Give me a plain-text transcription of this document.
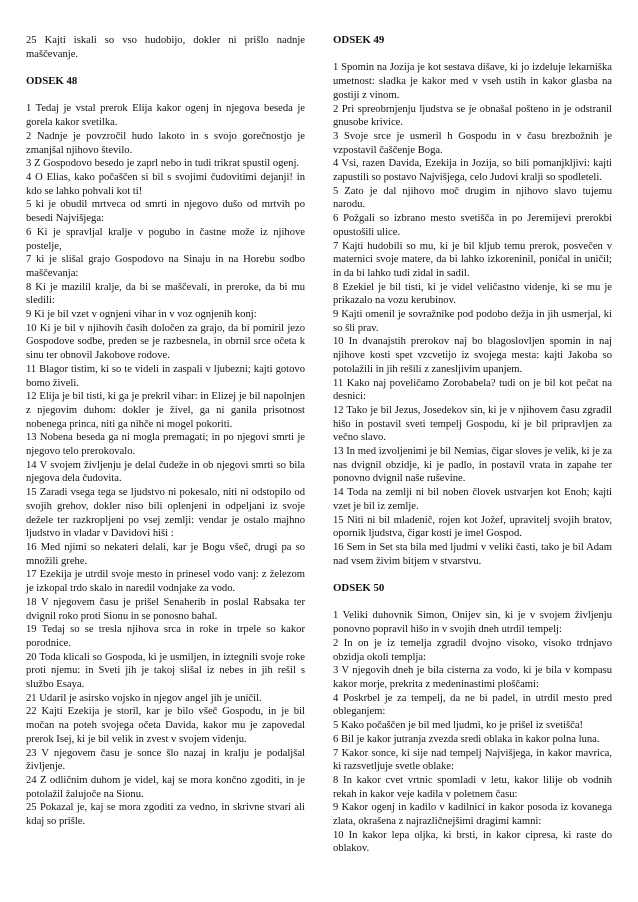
25 Kajti iskali so vso hudobijo, dokler ni prišlo nadnje maščevanje.

ODSEK 48

1 Tedaj je vstal prerok Elija kakor ogenj in njegova beseda je gorela kakor svetilka.

2 Nadnje je povzročil hudo lakoto in s svojo gorečnostjo je zmanjšal njihovo število.

3 Z Gospodovo besedo je zaprl nebo in tudi trikrat spustil ogenj.

4 O Elias, kako počaščen si bil s svojimi čudovitimi dejanji! in kdo se lahko pohvali kot ti!

5 ki je obudil mrtveca od smrti in njegovo dušo od mrtvih po besedi Najvišjega:

6 Ki je spravljal kralje v pogubo in častne može iz njihove postelje,

7 ki je slišal grajo Gospodovo na Sinaju in na Horebu sodbo maščevanja:

8 Ki je mazilil kralje, da bi se maščevali, in preroke, da bi mu sledili:

9 Ki je bil vzet v ognjeni vihar in v voz ognjenih konj:

10 Ki je bil v njihovih časih določen za grajo, da bi pomiril jezo Gospodove sodbe, preden se je razbesnela, in obrnil srce očeta k sinu ter obnovil Jakobove rodove.

11 Blagor tistim, ki so te videli in zaspali v ljubezni; kajti gotovo bomo živeli.

12 Elija je bil tisti, ki ga je prekril vihar: in Elizej je bil napolnjen z njegovim duhom: dokler je živel, ga ni ganila prisotnost nobenega princa, niti ga nihče ni mogel pokoriti.

13 Nobena beseda ga ni mogla premagati; in po njegovi smrti je njegovo telo prerokovalo.

14 V svojem življenju je delal čudeže in ob njegovi smrti so bila njegova dela čudovita.

15 Zaradi vsega tega se ljudstvo ni pokesalo, niti ni odstopilo od svojih grehov, dokler niso bili oplenjeni in odpeljani iz svoje dežele ter razkropljeni po vsej zemlji: vendar je ostalo majhno ljudstvo in vladar v Davidovi hiši :

16 Med njimi so nekateri delali, kar je Bogu všeč, drugi pa so množili grehe.

17 Ezekija je utrdil svoje mesto in prinesel vodo vanj: z železom je izkopal trdo skalo in naredil vodnjake za vodo.

18 V njegovem času je prišel Senaherib in poslal Rabsaka ter dvignil roko proti Sionu in se ponosno bahal.

19 Tedaj so se tresla njihova srca in roke in trpele so kakor porodnice.

20 Toda klicali so Gospoda, ki je usmiljen, in iztegnili svoje roke proti njemu: in Sveti jih je takoj slišal iz nebes in jih rešil s službo Esaya.

21 Udaril je asirsko vojsko in njegov angel jih je uničil.

22 Kajti Ezekija je storil, kar je bilo všeč Gospodu, in je bil močan na poteh svojega očeta Davida, kakor mu je zapovedal prerok Isej, ki je bil velik in zvest v svojem videnju.

23 V njegovem času je sonce šlo nazaj in kralju je podaljšal življenje.

24 Z odličnim duhom je videl, kaj se mora končno zgoditi, in je potolažil žalujoče na Sionu.

25 Pokazal je, kaj se mora zgoditi za vedno, in skrivne stvari ali kdaj so prišle.

ODSEK 49

1 Spomin na Jozija je kot sestava dišave, ki jo izdeluje lekarniška umetnost: sladka je kakor med v vseh ustih in kakor glasba na gostiji z vinom.

2 Pri spreobrnjenju ljudstva se je obnašal pošteno in je odstranil gnusobe krivice.

3 Svoje srce je usmeril h Gospodu in v času brezbožnih je vzpostavil čaščenje Boga.

4 Vsi, razen Davida, Ezekija in Jozija, so bili pomanjkljivi: kajti zapustili so postavo Najvišjega, celo Judovi kralji so spodleteli.

5 Zato je dal njihovo moč drugim in njihovo slavo tujemu narodu.

6 Požgali so izbrano mesto svetišča in po Jeremijevi prerokbi opustošili ulice.

7 Kajti hudobili so mu, ki je bil kljub temu prerok, posvečen v maternici svoje matere, da bi lahko izkoreninil, poničal in uničil; in da bi lahko tudi zidal in sadil.

8 Ezekiel je bil tisti, ki je videl veličastno videnje, ki se mu je prikazalo na vozu kerubinov.

9 Kajti omenil je sovražnike pod podobo dežja in jih usmerjal, ki so šli prav.

10 In dvanajstih prerokov naj bo blagoslovljen spomin in naj njihove kosti spet vzcvetijo iz svojega mesta: kajti Jakoba so potolažili in jih rešili z zanesljivim upanjem.

11 Kako naj poveličamo Zorobabela? tudi on je bil kot pečat na desnici:

12 Tako je bil Jezus, Josedekov sin, ki je v njihovem času zgradil hišo in postavil sveti tempelj Gospodu, ki je bil pripravljen za večno slavo.

13 In med izvoljenimi je bil Nemias, čigar sloves je velik, ki je za nas dvignil obzidje, ki je padlo, in postavil vrata in zapahe ter ponovno dvignil naše ruševine.

14 Toda na zemlji ni bil noben človek ustvarjen kot Enoh; kajti vzet je bil iz zemlje.

15 Niti ni bil mladenič, rojen kot Jožef, upravitelj svojih bratov, opornik ljudstva, čigar kosti je imel Gospod.

16 Sem in Set sta bila med ljudmi v veliki časti, tako je bil Adam nad vsem živim bitjem v stvarstvu.

ODSEK 50

1 Veliki duhovnik Simon, Onijev sin, ki je v svojem življenju ponovno popravil hišo in v svojih dneh utrdil tempelj:

2 In on je iz temelja zgradil dvojno visoko, visoko trdnjavo obzidja okoli templja:

3 V njegovih dneh je bila cisterna za vodo, ki je bila v kompasu kakor morje, prekrita z medeninastimi ploščami:

4 Poskrbel je za tempelj, da ne bi padel, in utrdil mesto pred obleganjem:

5 Kako počaščen je bil med ljudmi, ko je prišel iz svetišča!

6 Bil je kakor jutranja zvezda sredi oblaka in kakor polna luna.

7 Kakor sonce, ki sije nad tempelj Najvišjega, in kakor mavrica, ki razsvetljuje svetle oblake:

8 In kakor cvet vrtnic spomladi v letu, kakor lilije ob vodnih rekah in kakor veje kadila v poletnem času:

9 Kakor ogenj in kadilo v kadilnici in kakor posoda iz kovanega zlata, okrašena z najrazličnejšimi dragimi kamni:

10 In kakor lepa oljka, ki brsti, in kakor cipresa, ki raste do oblakov.
